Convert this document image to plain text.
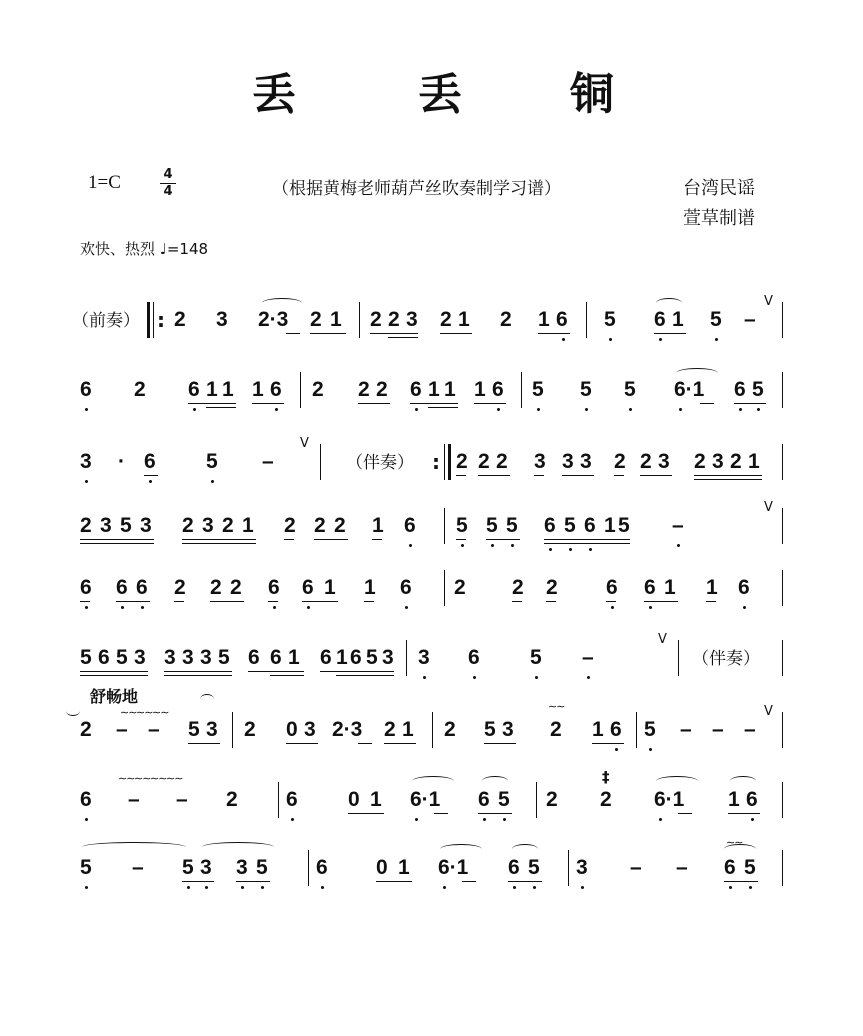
丢	丢 铜
1=C	4
4	（根据黄梅老师葫芦丝吹奏制学习谱）	台湾民谣
萱草制谱
欢快、热烈 ♩=148
（前奏） : 2 3 2·3 2 1 2 2 3 2 1 2 1 6 5 6 1 5 –
V
6 2 6 1 1 1 6 2 2 2 6 1 1 1 6 5 5 5 6·1 6 5
3 · 6 5 –
V
（伴奏） : 2 2 2 3 3 3 2 2 3 2 3 2 1
2 3 5 3 2 3 2 1 2 2 2 1 6 5 5 5 6 5 6 1 5 –
V
6 6 6 2 2 2 6 6 1 1 6 2 2 2 6 6 1 1 6
5 6 5 3 3 3 3 5 6 6 1 6 1 6 5 3 3 6 5 –
V
（伴奏）
舒畅地
∼∼ ∼∼ ∼∼
2 – – 5 3 2 0 3 2·3 2 1 2 5 3
∼∼
2 1 6 5 – – –
V
∼∼ ∼∼ ∼∼ ∼∼
6 – – 2 6 0 1 6·1 6 5 2
‡
2 6·1 1 6
5 – 5 3 3 5 6 0 1 6·1 6 5 3 – –
∼∼
6 5
